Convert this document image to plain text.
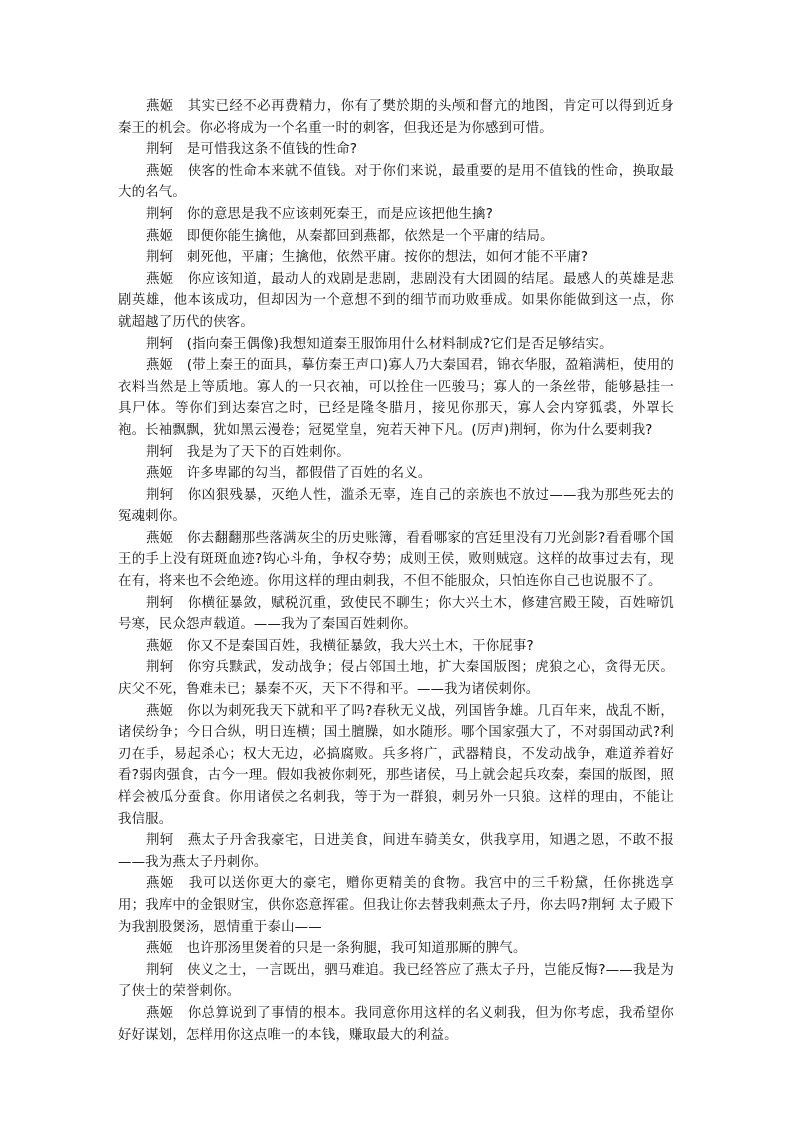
燕姬　 其实已经不必再费精力，你有了樊於期的头颅和督亢的地图，肯定可以得到近身秦王的机会。你必将成为一个名重一时的刺客，但我还是为你感到可惜。

荆轲　 是可惜我这条不值钱的性命?

燕姬　 侠客的性命本来就不值钱。对于你们来说，最重要的是用不值钱的性命，换取最大的名气。

荆轲　 你的意思是我不应该刺死秦王，而是应该把他生擒?

燕姬　 即便你能生擒他，从秦都回到燕都，依然是一个平庸的结局。

荆轲　 刺死他，平庸；生擒他，依然平庸。按你的想法，如何才能不平庸?

燕姬　 你应该知道，最动人的戏剧是悲剧，悲剧没有大团圆的结尾。最感人的英雄是悲剧英雄，他本该成功，但却因为一个意想不到的细节而功败垂成。如果你能做到这一点，你就超越了历代的侠客。

荆轲　 (指向秦王偶像)我想知道秦王服饰用什么材料制成?它们是否足够结实。

燕姬　 (带上秦王的面具，摹仿秦王声口)寡人乃大秦国君，锦衣华服，盈箱满柜，使用的衣料当然是上等质地。寡人的一只衣袖，可以拴住一匹骏马；寡人的一条丝带，能够悬挂一具尸体。等你们到达秦宫之时，已经是隆冬腊月，接见你那天，寡人会内穿狐裘，外罩长袍。长袖飘飘，犹如黑云漫卷；冠冕堂皇，宛若天神下凡。(厉声)荆轲，你为什么要刺我?

荆轲　 我是为了天下的百姓刺你。

燕姬　 许多卑鄙的勾当，都假借了百姓的名义。

荆轲　 你凶狠残暴，灭绝人性，滥杀无辜，连自己的亲族也不放过——我为那些死去的冤魂刺你。

燕姬　 你去翻翻那些落满灰尘的历史账簿，看看哪家的宫廷里没有刀光剑影?看看哪个国王的手上没有斑斑血迹?钩心斗角，争权夺势；成则王侯，败则贼寇。这样的故事过去有，现在有，将来也不会绝迹。你用这样的理由刺我，不但不能服众，只怕连你自己也说服不了。

荆轲　 你横征暴敛，赋税沉重，致使民不聊生；你大兴土木，修建宫殿王陵，百姓啼饥号寒，民众怨声载道。——我为了秦国百姓刺你。

燕姬　 你又不是秦国百姓，我横征暴敛，我大兴土木，干你屁事?

荆轲　 你穷兵黩武，发动战争；侵占邻国土地，扩大秦国版图；虎狼之心，贪得无厌。庆父不死，鲁难未已；暴秦不灭，天下不得和平。——我为诸侯刺你。

燕姬　 你以为刺死我天下就和平了吗?春秋无义战，列国皆争雄。几百年来，战乱不断，诸侯纷争；今日合纵，明日连横；国土膻臊，如水随形。哪个国家强大了，不对弱国动武?利刃在手，易起杀心；权大无边，必搞腐败。兵多将广，武器精良，不发动战争，难道养着好看?弱肉强食，古今一理。假如我被你刺死，那些诸侯，马上就会起兵攻秦，秦国的版图，照样会被瓜分蚕食。你用诸侯之名刺我，等于为一群狼，刺另外一只狼。这样的理由，不能让我信服。

荆轲　 燕太子丹舍我豪宅，日进美食，间进车骑美女，供我享用，知遇之恩，不敢不报——我为燕太子丹刺你。

燕姬　 我可以送你更大的豪宅，赠你更精美的食物。我宫中的三千粉黛，任你挑选享用；我库中的金银财宝，供你恣意挥霍。但我让你去替我刺燕太子丹，你去吗?荆轲 太子殿下为我割股煲汤，恩情重于泰山——

燕姬　 也许那汤里煲着的只是一条狗腿，我可知道那厮的脾气。

荆轲　 侠义之士，一言既出，驷马难追。我已经答应了燕太子丹，岂能反悔?——我是为了侠士的荣誉刺你。

燕姬　 你总算说到了事情的根本。我同意你用这样的名义刺我，但为你考虑，我希望你好好谋划，怎样用你这点唯一的本钱，赚取最大的利益。
